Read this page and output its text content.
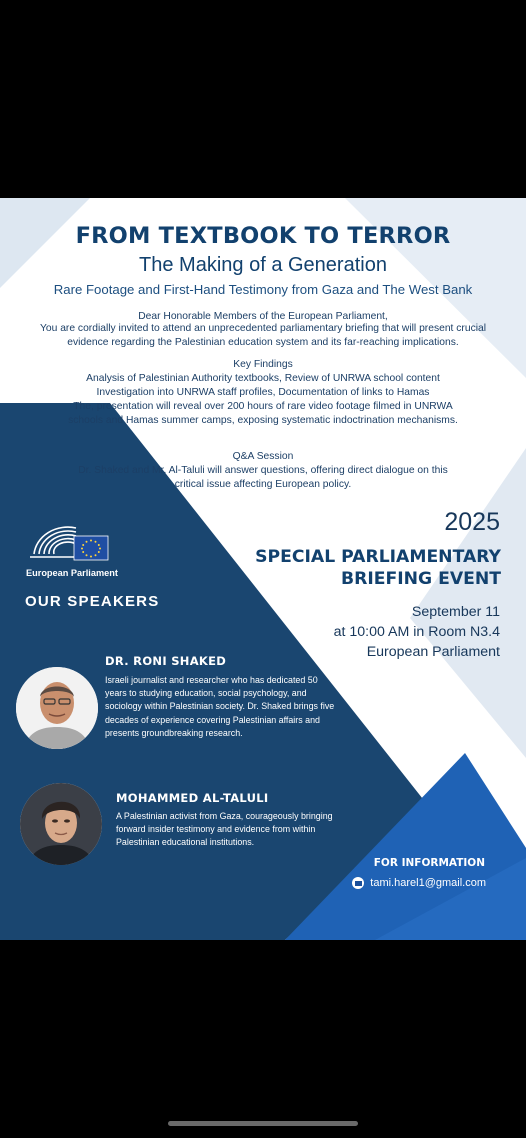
FROM TEXTBOOK TO TERROR
The Making of a Generation
Rare Footage and First-Hand Testimony from Gaza and The West Bank
Dear Honorable Members of the European Parliament,
You are cordially invited to attend an unprecedented parliamentary briefing that will present crucial evidence regarding the Palestinian education system and its far-reaching implications.
Key Findings
Analysis of Palestinian Authority textbooks, Review of UNRWA school content
Investigation into UNRWA staff profiles, Documentation of links to Hamas
The, presentation will reveal over 200 hours of rare video footage filmed in UNRWA schools and Hamas summer camps, exposing systematic indoctrination mechanisms.
Q&A Session
Dr. Shaked and Mr. Al-Taluli will answer questions, offering direct dialogue on this critical issue affecting European policy.
European Parliament
OUR SPEAKERS
2025
SPECIAL PARLIAMENTARY BRIEFING EVENT
September 11
at 10:00 AM in Room N3.4
European Parliament
DR. RONI SHAKED
Israeli journalist and researcher who has dedicated 50 years to studying education, social psychology, and sociology within Palestinian society. Dr. Shaked brings five decades of experience covering Palestinian affairs and presents groundbreaking research.
MOHAMMED AL-TALULI
A Palestinian activist from Gaza, courageously bringing forward insider testimony and evidence from within Palestinian educational institutions.
FOR INFORMATION
tami.harel1@gmail.com
